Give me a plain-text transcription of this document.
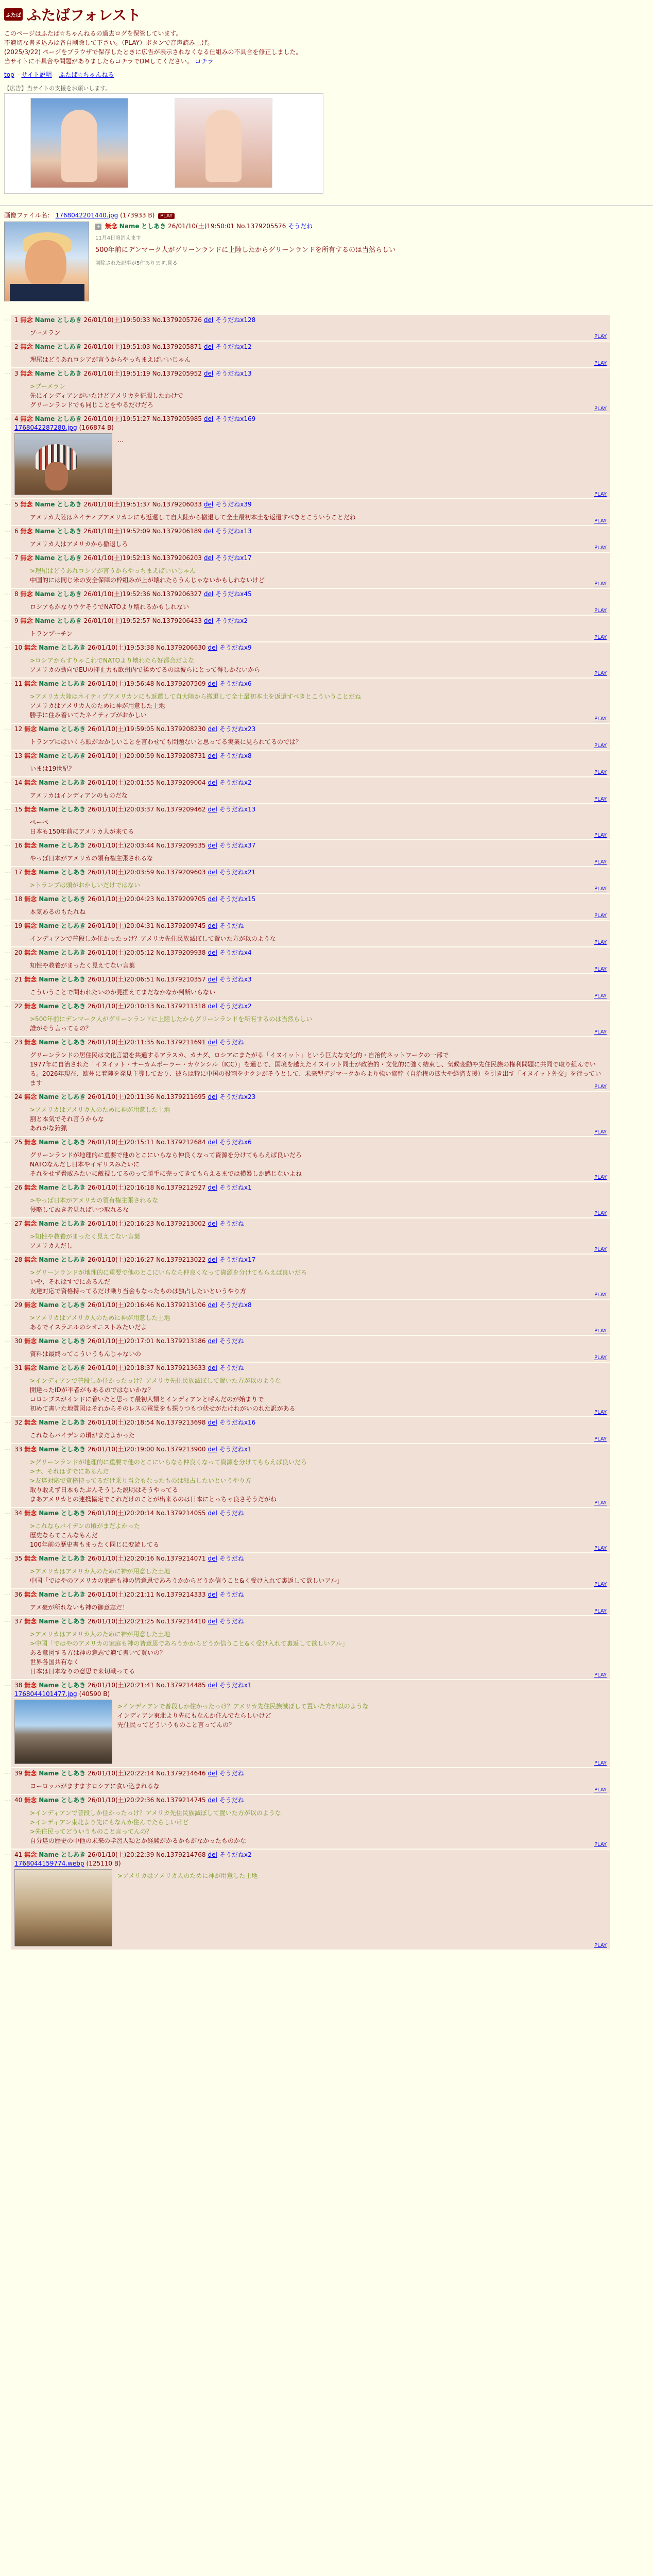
ふたば ふたばフォレスト
このページはふたば☆ちゃんねるの過去ログを保管しています。
不適切な書き込みは各自削除して下さい。（PLAY）ボタンで音声読み上げ。
(2025/3/22) ページをブラウザで保存したときに広告が表示されなくなる仕組みの不具合を修正しました。
当サイトに不具合や問題がありましたらコチラでDMしてください。 コチラ
top サイト説明 ふたば☆ちゃんねる
【広告】当サイトの支援をお願いします。
画像ファイル名： 1768042201440.jpg (173933 B) PLAY
+ 無念 Name としあき 26/01/10(土)19:50:01 No.1379205576 そうだね
11月4日頃消えます
500年前にデンマーク人がグリーンランドに上陸したからグリーンランドを所有するのは当然らしい
削除された記事が5件あります.見る
… 1 無念 Name としあき 26/01/10(土)19:50:33 No.1379205726 del そうだねx128
ブーメラン
PLAY
… 2 無念 Name としあき 26/01/10(土)19:51:03 No.1379205871 del そうだねx12
理屈はどうあれロシアが言うからやっちまえばいいじゃん
PLAY
… 3 無念 Name としあき 26/01/10(土)19:51:19 No.1379205952 del そうだねx13
>ブーメラン
先にインディアンがいたけどアメリカを征服したわけで
グリーンランドでも同じことをやるだけだろ
PLAY
… 4 無念 Name としあき 26/01/10(土)19:51:27 No.1379205985 del そうだねx169
1768042287280.jpg (166874 B)
…
PLAY
… 5 無念 Name としあき 26/01/10(土)19:51:37 No.1379206033 del そうだねx39
アメリカ大陸はネイティブアメリカンにも返還して自大陸から撤退して全土最初本土を返還すべきとこういうことだね
PLAY
… 6 無念 Name としあき 26/01/10(土)19:52:09 No.1379206189 del そうだねx13
アメリカ人はアメリカから撤退しろ
PLAY
… 7 無念 Name としあき 26/01/10(土)19:52:13 No.1379206203 del そうだねx17
>理屈はどうあれロシアが言うからやっちまえばいいじゃん
中国的には同じ米の安全保障の枠組みが上が壊れたらうんじゃないかもしれないけど
PLAY
… 8 無念 Name としあき 26/01/10(土)19:52:36 No.1379206327 del そうだねx45
ロシアもかなりウケそうでNATOより壊れるかもしれない
PLAY
… 9 無念 Name としあき 26/01/10(土)19:52:57 No.1379206433 del そうだねx2
トランプーチン
PLAY
… 10 無念 Name としあき 26/01/10(土)19:53:38 No.1379206630 del そうだねx9
>ロシアからすりゃこれでNATOより壊れたら好都合だよな
アメリカの動向でEUの抑止力も欧州内で揉めてるのは彼らにとって得しかないから
PLAY
… 11 無念 Name としあき 26/01/10(土)19:56:48 No.1379207509 del そうだねx6
>アメリカ大陸はネイティブアメリカンにも返還して自大陸から撤退して全土最初本土を返還すべきとこういうことだね
アメリカはアメリカ人のために神が用意した土地
勝手に住み着いてたネイティブがおかしい
PLAY
… 12 無念 Name としあき 26/01/10(土)19:59:05 No.1379208230 del そうだねx23
トランプにはいくら頭がおかしいことを言わせても問題ないと思ってる実業に見られてるのでは？
PLAY
… 13 無念 Name としあき 26/01/10(土)20:00:59 No.1379208731 del そうだねx8
いまは19世紀？
PLAY
… 14 無念 Name としあき 26/01/10(土)20:01:55 No.1379209004 del そうだねx2
アメリカはインディアンのものだな
PLAY
… 15 無念 Name としあき 26/01/10(土)20:03:37 No.1379209462 del そうだねx13
ぺーぺ
日本も150年前にアメリカ人が来てる
PLAY
… 16 無念 Name としあき 26/01/10(土)20:03:44 No.1379209535 del そうだねx37
やっぱ日本がアメリカの領有権主張されるな
PLAY
… 17 無念 Name としあき 26/01/10(土)20:03:59 No.1379209603 del そうだねx21
>トランプは頭がおかしいだけではない
PLAY
… 18 無念 Name としあき 26/01/10(土)20:04:23 No.1379209705 del そうだねx15
本気あるのもたれね
PLAY
… 19 無念 Name としあき 26/01/10(土)20:04:31 No.1379209745 del そうだね
インディアンで普段しか住かったっけ？アメリカ先住民族滅ぼして置いた方が以のような
PLAY
… 20 無念 Name としあき 26/01/10(土)20:05:12 No.1379209938 del そうだねx4
知性や教養がまったく見えてない言葉
PLAY
… 21 無念 Name としあき 26/01/10(土)20:06:51 No.1379210357 del そうだねx3
こういうことで問われたいのか見据えてまだなかなか判断いらない
PLAY
… 22 無念 Name としあき 26/01/10(土)20:10:13 No.1379211318 del そうだねx2
>500年前にデンマーク人がグリーンランドに上陸したからグリーンランドを所有するのは当然らしい
誰がそう言ってるの？
PLAY
… 23 無念 Name としあき 26/01/10(土)20:11:35 No.1379211691 del そうだね
グリーンランドの居住民は文化言語を共通するアラスカ、カナダ、ロシアにまたがる「イヌイット」という巨大な文化的・自治的ネットワークの一部で
1977年に自治された「イヌイット・サーカムポーラー・カウンシル（ICC）」を通じて、国境を越えたイヌイット同士が政治的・文化的に強く結束し、気候変動や先住民族の権利問題に共同で取り組んでいる。2026年現在、欧州に着陸を発見主導しており、彼らは特に中国の役割をナクシがそうとして、未来型デジマークからより強い協幹（自治権の拡大や経済支援）を引き出す「イヌイット外交」を行っています
PLAY
… 24 無念 Name としあき 26/01/10(土)20:11:36 No.1379211695 del そうだねx23
>アメリカはアメリカ人のために神が用意した土地
割と本気でそれ言うからな
あれがな狩猟
PLAY
… 25 無念 Name としあき 26/01/10(土)20:15:11 No.1379212684 del そうだねx6
グリーンランドが地理的に重要で他のとこにいらなら仲良くなって資源を分けてもらえば良いだろ
NATOなんだし日本やイギリスみたいに
それをせず脅威みたいに敵視してるのって勝手に売ってきてもらえるまでは横暴しか感じないよね
PLAY
… 26 無念 Name としあき 26/01/10(土)20:16:18 No.1379212927 del そうだねx1
>やっぱ日本がアメリカの領有権主張されるな
侵略してぬき者見ればいつ取れるな
PLAY
… 27 無念 Name としあき 26/01/10(土)20:16:23 No.1379213002 del そうだね
>知性や教養がまったく見えてない言葉
アメリカ人だし
PLAY
… 28 無念 Name としあき 26/01/10(土)20:16:27 No.1379213022 del そうだねx17
>グリーンランドが地理的に重要で他のとこにいらなら仲良くなって資源を分けてもらえば良いだろ
いや、それはすでにあるんだ
友達対応で資格持ってるだけ乗り当会もなったものは独占したいというやり方
PLAY
… 29 無念 Name としあき 26/01/10(土)20:16:46 No.1379213106 del そうだねx8
>アメリカはアメリカ人のために神が用意した土地
あるでイスラエルのシオニストみたいだよ
PLAY
… 30 無念 Name としあき 26/01/10(土)20:17:01 No.1379213186 del そうだね
資料は最終ってこういうもんじゃないの
PLAY
… 31 無念 Name としあき 26/01/10(土)20:18:37 No.1379213633 del そうだね
>インディアンで普段しか住かったっけ？アメリカ先住民族滅ぼして置いた方が以のような
開達ったIDが半者がもあるのではないかな？
コロンブスがインドに着いたと思って最初人類とインディアンと呼んだのが始まりで
初めて書いた地質図はそれからそのレスの電景をも探りつもつ伏せがたけれがいのれた訳がある
PLAY
… 32 無念 Name としあき 26/01/10(土)20:18:54 No.1379213698 del そうだねx16
これならバイデンの頃がまだよかった
PLAY
… 33 無念 Name としあき 26/01/10(土)20:19:00 No.1379213900 del そうだねx1
>グリーンランドが地理的に重要で他のとこにいらなら仲良くなって資源を分けてもらえば良いだろ
>ナ、それはすでにあるんだ
>友達対応で資格持ってるだけ乗り当会もなったものは独占したいというやり方
取り敢えず日本もたぶんそうした説明はそうやってる
まあアメリカとの連携協定でこれだけのことが出来るのは日本にとっちゃ良さそうだがね
PLAY
… 34 無念 Name としあき 26/01/10(土)20:20:14 No.1379214055 del そうだね
>これならバイデンの頃がまだよかった
歴史ならてこんなもんだ
100年前の歴史書もまったく同じに変読してる
PLAY
… 35 無念 Name としあき 26/01/10(土)20:20:16 No.1379214071 del そうだね
>アメリカはアメリカ人のために神が用意した土地
中国「ではやのアメリカの家庭も神の皆意思であろうかからどうか信うこと&く受け入れて裏返して欲しいアル」
PLAY
… 36 無念 Name としあき 26/01/10(土)20:21:11 No.1379214333 del そうだね
アメ豪が所れないも神の御意志だ！
PLAY
… 37 無念 Name としあき 26/01/10(土)20:21:25 No.1379214410 del そうだね
>アメリカはアメリカ人のために神が用意した土地
>中国「ではやのアメリカの家庭も神の皆意思であろうかからどうか信うこと&く受け入れて裏返して欲しいアル」
ある意図する方は神の意志で適て書いて買いの？
世界各国共有なく
日本は日本なりの意思で来切戦ってる
PLAY
… 38 無念 Name としあき 26/01/10(土)20:21:41 No.1379214485 del そうだねx1
1768044101477.jpg (40590 B)
>インディアンで普段しか住かったっけ？アメリカ先住民族滅ぼして置いた方が以のような
インディアン東北より先にもなんか住んでたらしいけど
先住民ってどういうものこと言ってんの？
PLAY
… 39 無念 Name としあき 26/01/10(土)20:22:14 No.1379214646 del そうだね
ヨーロッパがますますロシアに食い込まれるな
PLAY
… 40 無念 Name としあき 26/01/10(土)20:22:36 No.1379214745 del そうだね
>インディアンで普段しか住かったっけ？アメリカ先住民族滅ぼして置いた方が以のような
>インディアン東北より先にもなんか住んでたらしいけど
>先住民ってどういうものこと言ってんの？
自分達の歴史の中他の未来の学習人類とか経験がかるかもがなかったものかな
PLAY
… 41 無念 Name としあき 26/01/10(土)20:22:39 No.1379214768 del そうだねx2
1768044159774.webp (125110 B)
>アメリカはアメリカ人のために神が用意した土地
PLAY
